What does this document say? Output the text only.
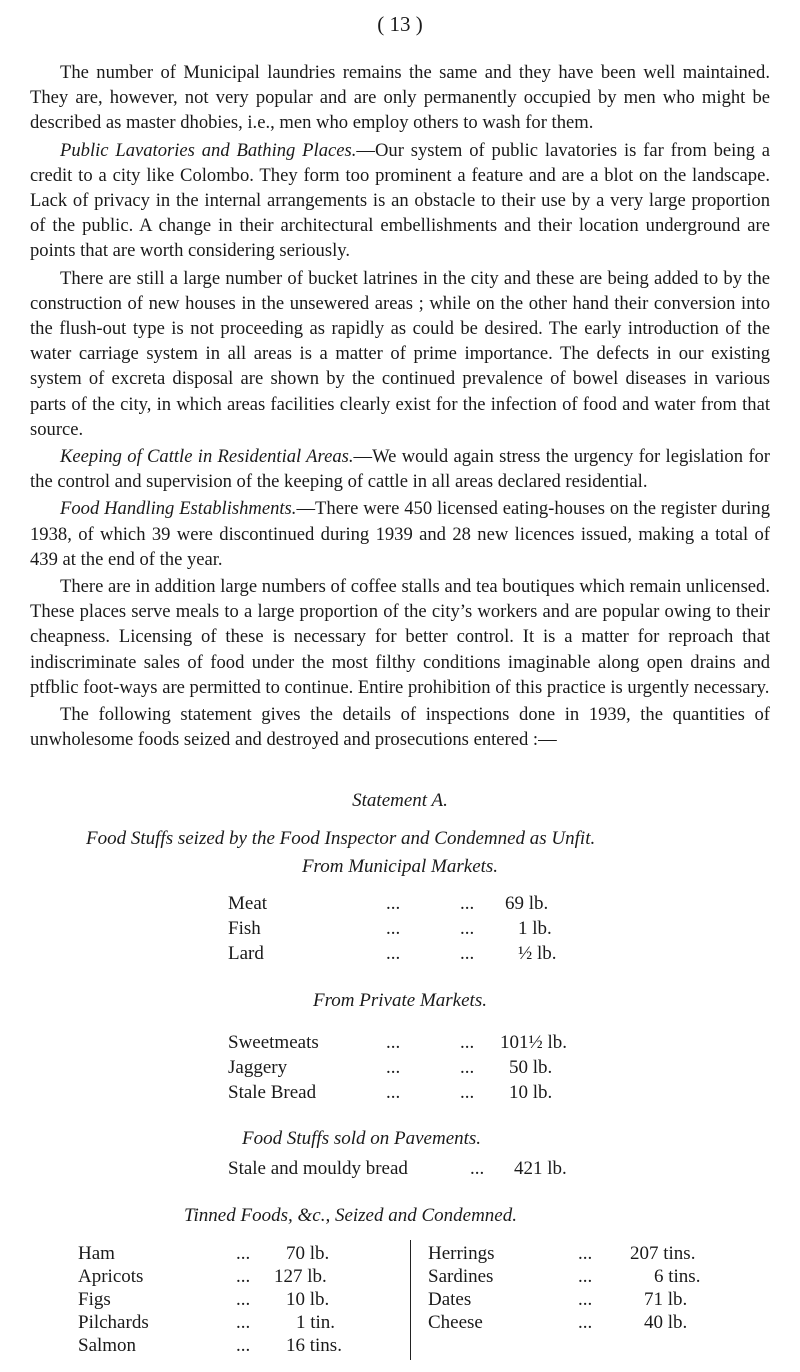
( 13 )

The number of Municipal laundries remains the same and they have been well maintained. They are, however, not very popular and are only permanently occupied by men who might be described as master dhobies, i.e., men who employ others to wash for them.

Public Lavatories and Bathing Places.—Our system of public lavatories is far from being a credit to a city like Colombo. They form too prominent a feature and are a blot on the landscape. Lack of privacy in the internal arrangements is an obstacle to their use by a very large proportion of the public. A change in their architectural embellishments and their location underground are points that are worth considering seriously.

There are still a large number of bucket latrines in the city and these are being added to by the construction of new houses in the unsewered areas ; while on the other hand their conversion into the flush-out type is not proceeding as rapidly as could be desired. The early introduction of the water carriage system in all areas is a matter of prime importance. The defects in our existing system of excreta disposal are shown by the continued prevalence of bowel diseases in various parts of the city, in which areas facilities clearly exist for the infection of food and water from that source.

Keeping of Cattle in Residential Areas.—We would again stress the urgency for legislation for the control and supervision of the keeping of cattle in all areas declared residential.

Food Handling Establishments.—There were 450 licensed eating-houses on the register during 1938, of which 39 were discontinued during 1939 and 28 new licences issued, making a total of 439 at the end of the year.

There are in addition large numbers of coffee stalls and tea boutiques which remain unlicensed. These places serve meals to a large proportion of the city’s workers and are popular owing to their cheapness. Licensing of these is necessary for better control. It is a matter for reproach that indiscriminate sales of food under the most filthy conditions imaginable along open drains and ptfblic foot-ways are permitted to continue. Entire prohibition of this practice is urgently necessary.

The following statement gives the details of inspections done in 1939, the quantities of unwholesome foods seized and destroyed and prosecutions entered :—

Statement A.
Food Stuffs seized by the Food Inspector and Condemned as Unfit.
From Municipal Markets.
Meat	...	... 69 lb.
Fish	...	... 1 lb.
Lard	...	... ½ lb.
From Private Markets.
Sweetmeats	...	... 101½ lb.
Jaggery	...	... 50 lb.
Stale Bread	...	... 10 lb.
Food Stuffs sold on Pavements.
Stale and mouldy bread	... 421 lb.
Tinned Foods, &c., Seized and Condemned.
Ham	... 70 lb.
Apricots	... 127 lb.
Figs	... 10 lb.
Pilchards	... 1 tin.
Salmon	... 16 tins.
Herrings	... 207 tins.
Sardines	...	6 tins.
Dates	...	71 lb.
Cheese	...	40 lb.
